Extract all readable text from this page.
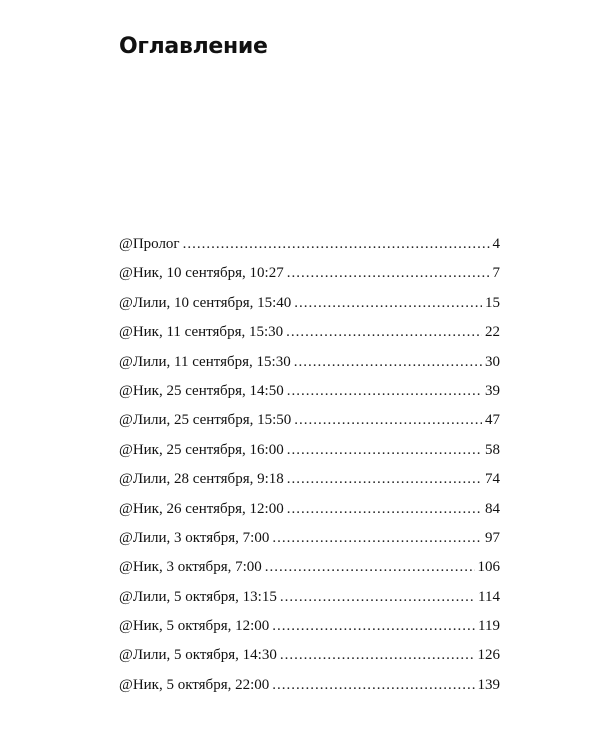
Оглавление
@Пролог .....	4
@Ник, 10 сентября, 10:27 .....	7
@Лили, 10 сентября, 15:40 .....	15
@Ник, 11 сентября, 15:30 .....	22
@Лили, 11 сентября, 15:30 .....	30
@Ник, 25 сентября, 14:50 .....	39
@Лили, 25 сентября, 15:50 .....	47
@Ник, 25 сентября, 16:00 .....	58
@Лили, 28 сентября, 9:18 .....	74
@Ник, 26 сентября, 12:00 .....	84
@Лили, 3 октября, 7:00 .....	97
@Ник, 3 октября, 7:00 .....	106
@Лили, 5 октября, 13:15 .....	114
@Ник, 5 октября, 12:00 .....	119
@Лили, 5 октября, 14:30 .....	126
@Ник, 5 октября, 22:00 .....	139
